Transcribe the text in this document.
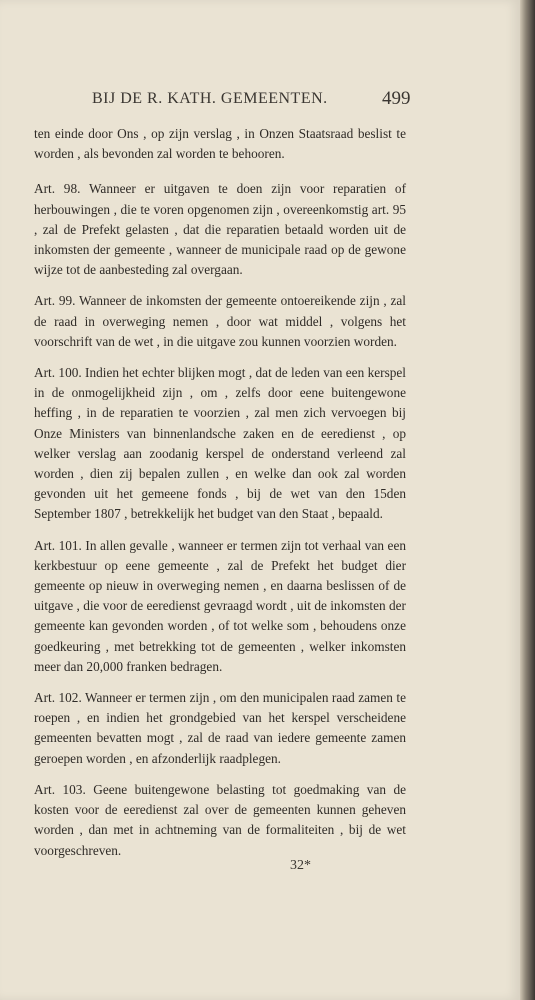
BIJ DE R. KATH. GEMEENTEN.	499

ten einde door Ons , op zijn verslag , in Onzen Staatsraad beslist te worden , als bevonden zal worden te behooren.

Art. 98. Wanneer er uitgaven te doen zijn voor reparatien of herbouwingen , die te voren opgenomen zijn , overeenkomstig art. 95 , zal de Prefekt gelasten , dat die reparatien betaald worden uit de inkomsten der gemeente , wanneer de municipale raad op de gewone wijze tot de aanbesteding zal overgaan.

Art. 99. Wanneer de inkomsten der gemeente ontoereikende zijn , zal de raad in overweging nemen , door wat middel , volgens het voorschrift van de wet , in die uitgave zou kunnen voorzien worden.

Art. 100. Indien het echter blijken mogt , dat de leden van een kerspel in de onmogelijkheid zijn , om , zelfs door eene buitengewone heffing , in de reparatien te voorzien , zal men zich vervoegen bij Onze Ministers van binnenlandsche zaken en de eeredienst , op welker verslag aan zoodanig kerspel de onderstand verleend zal worden , dien zij bepalen zullen , en welke dan ook zal worden gevonden uit het gemeene fonds , bij de wet van den 15den September 1807 , betrekkelijk het budget van den Staat , bepaald.

Art. 101. In allen gevalle , wanneer er termen zijn tot verhaal van een kerkbestuur op eene gemeente , zal de Prefekt het budget dier gemeente op nieuw in overweging nemen , en daarna beslissen of de uitgave , die voor de eeredienst gevraagd wordt , uit de inkomsten der gemeente kan gevonden worden , of tot welke som , behoudens onze goedkeuring , met betrekking tot de gemeenten , welker inkomsten meer dan 20,000 franken bedragen.

Art. 102. Wanneer er termen zijn , om den municipalen raad zamen te roepen , en indien het grondgebied van het kerspel verscheidene gemeenten bevatten mogt , zal de raad van iedere gemeente zamen geroepen worden , en afzonderlijk raadplegen.

Art. 103. Geene buitengewone belasting tot goedmaking van de kosten voor de eeredienst zal over de gemeenten kunnen geheven worden , dan met in achtneming van de formaliteiten , bij de wet voorgeschreven.

32*
